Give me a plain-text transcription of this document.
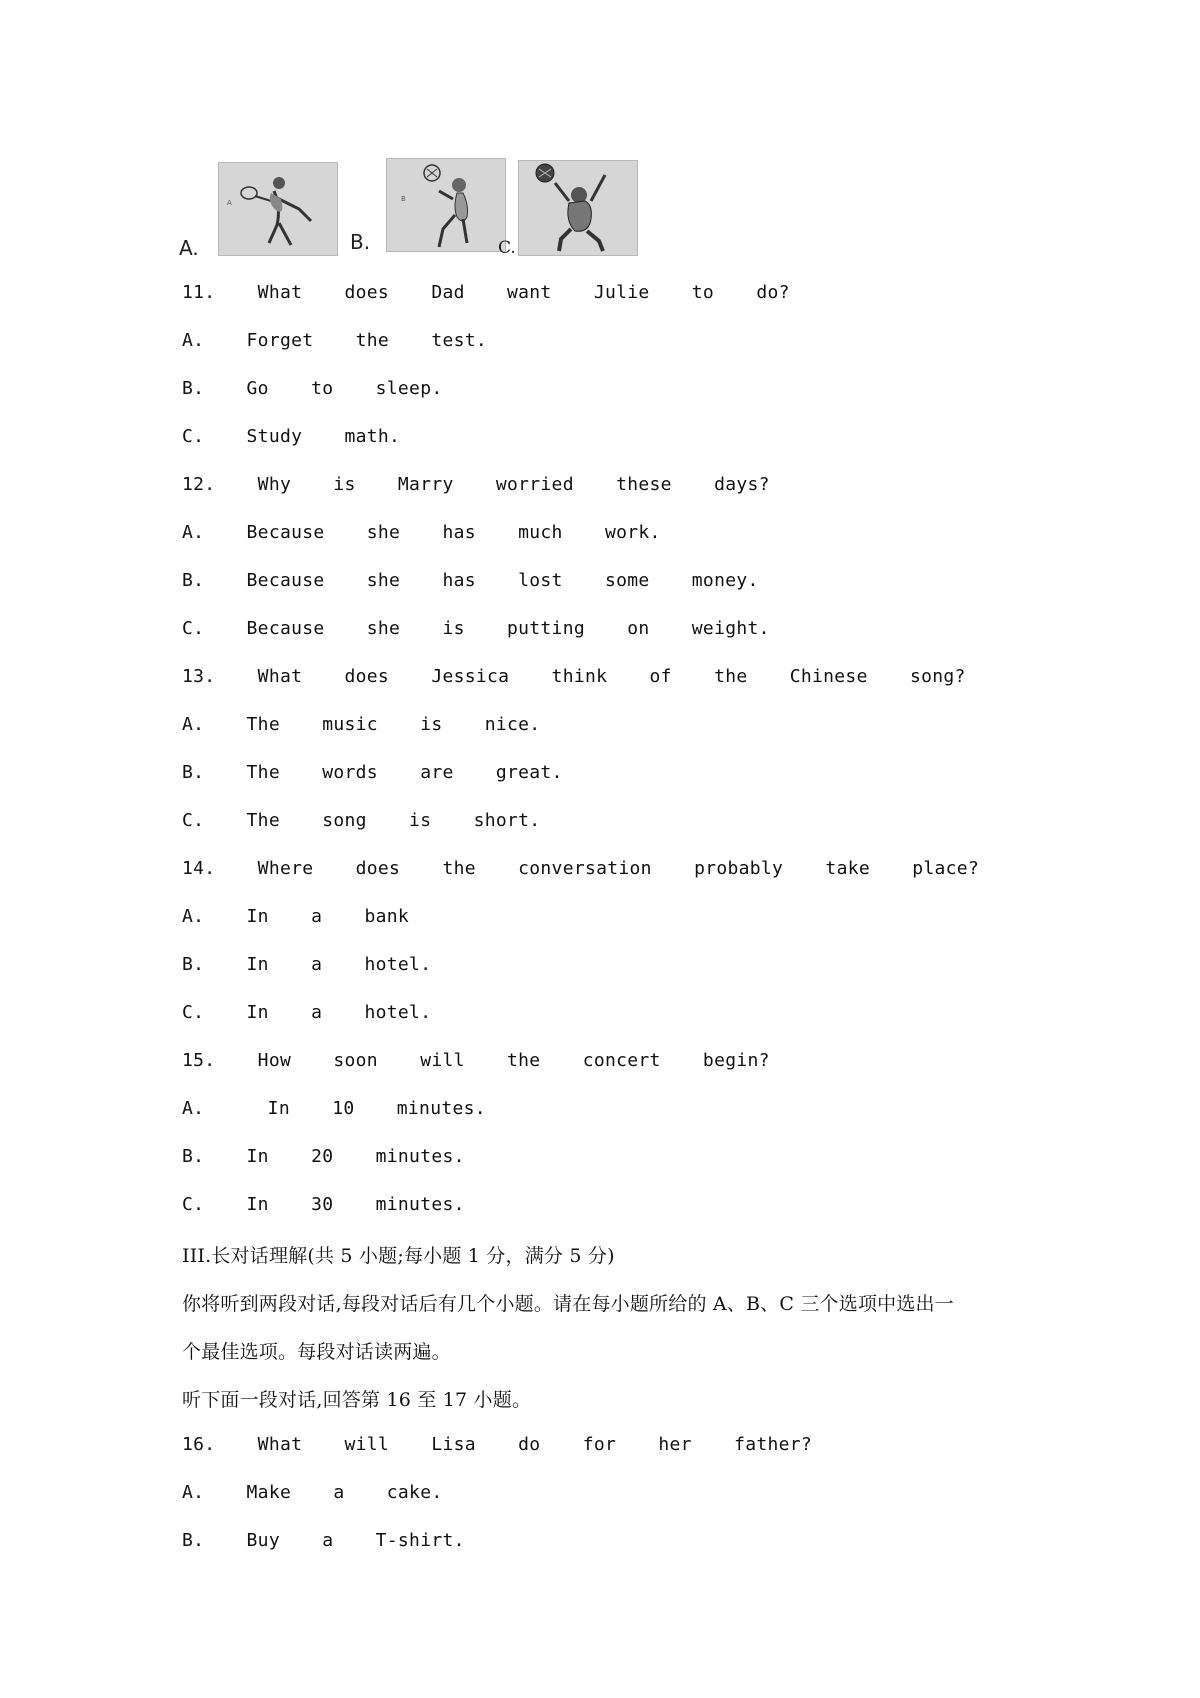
A.
A
B.
B
C.
11.  What  does  Dad  want  Julie  to  do?
A.  Forget  the  test.
B.  Go  to  sleep.
C.  Study  math.
12.  Why  is  Marry  worried  these  days?
A.  Because  she  has  much  work.
B.  Because  she  has  lost  some  money.
C.  Because  she  is  putting  on  weight.
13.  What  does  Jessica  think  of  the  Chinese  song?
A.  The  music  is  nice.
B.  The  words  are  great.
C.  The  song  is  short.
14.  Where  does  the  conversation  probably  take  place?
A.  In  a  bank
B.  In  a  hotel.
C.  In  a  hotel.
15.  How  soon  will  the  concert  begin?
A.   In  10  minutes.
B.  In  20  minutes.
C.  In  30  minutes.
III.长对话理解(共 5 小题;每小题 1 分，满分 5 分)
你将听到两段对话,每段对话后有几个小题。请在每小题所给的 A、B、C 三个选项中选出一
个最佳选项。每段对话读两遍。
听下面一段对话,回答第 16 至 17 小题。
16.  What  will  Lisa  do  for  her  father?
A.  Make  a  cake.
B.  Buy  a  T-shirt.
